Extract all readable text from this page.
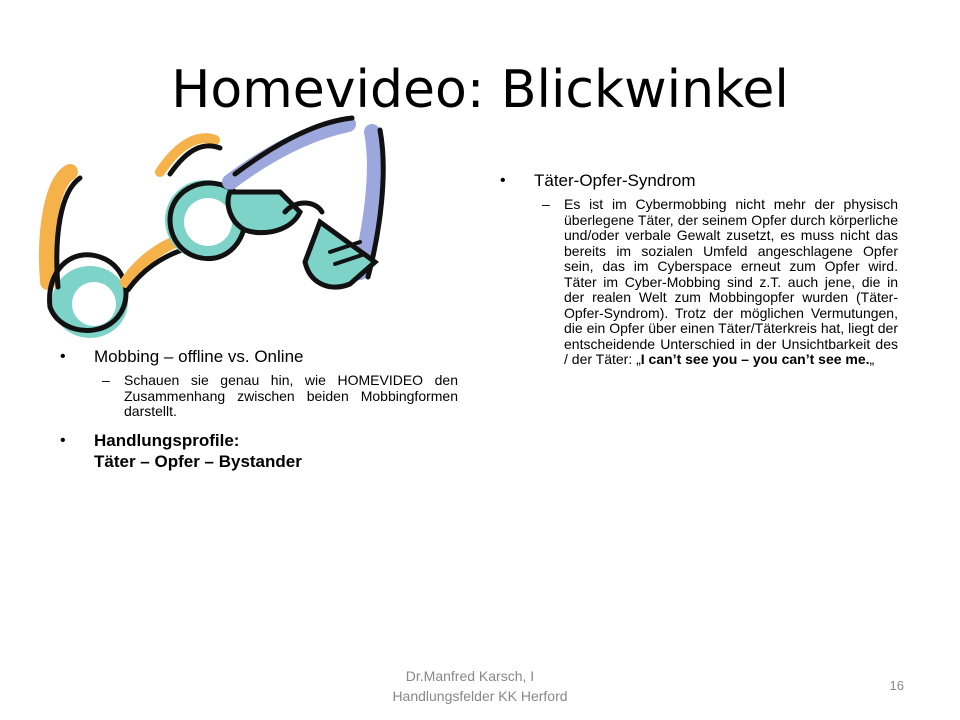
Homevideo: Blickwinkel
• Mobbing – offline vs. Online
– Schauen sie genau hin, wie HOMEVIDEO den Zusammenhang zwischen beiden Mobbingformen darstellt.
• Handlungsprofile:
Täter – Opfer – Bystander
• Täter-Opfer-Syndrom
– Es ist im Cybermobbing nicht mehr der physisch überlegene Täter, der seinem Opfer durch körperliche und/oder verbale Gewalt zusetzt, es muss nicht das bereits im sozialen Umfeld angeschlagene Opfer sein, das im Cyberspace erneut zum Opfer wird. Täter im Cyber-Mobbing sind z.T. auch jene, die in der realen Welt zum Mobbingopfer wurden (Täter-Opfer-Syndrom). Trotz der möglichen Vermutungen, die ein Opfer über einen Täter/Täterkreis hat, liegt der entscheidende Unterschied in der Unsichtbarkeit des / der Täter: „I can’t see you – you can’t see me.„
Dr.Manfred Karsch, I
Handlungsfelder KK Herford
16
